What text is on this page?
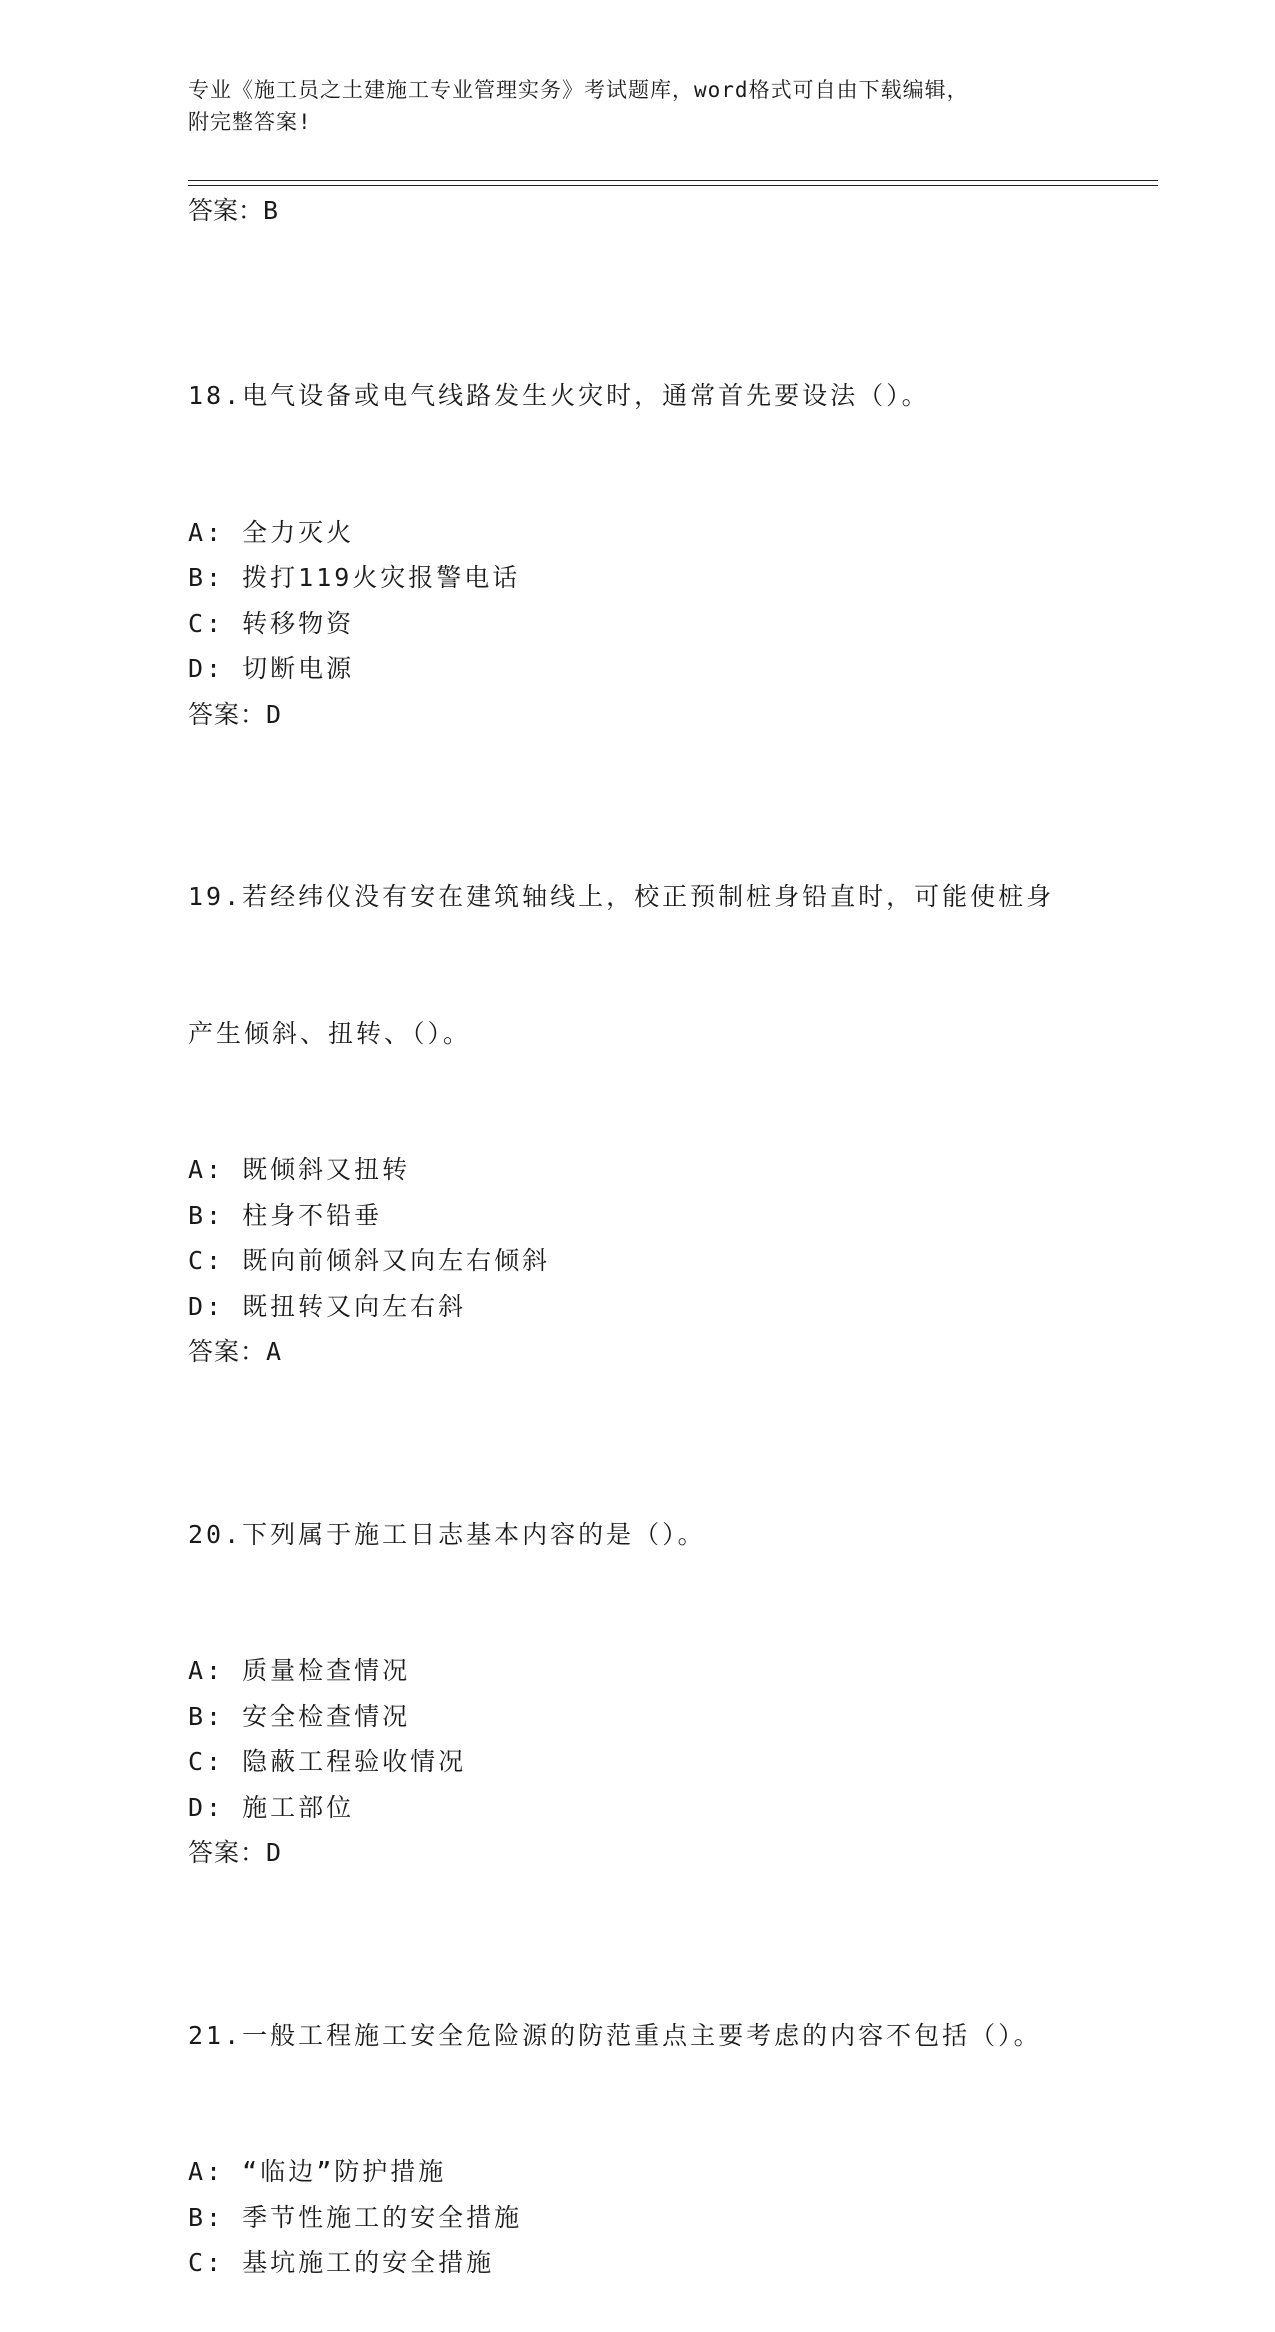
专业《施工员之土建施工专业管理实务》考试题库，word格式可自由下载编辑，
附完整答案!
答案：B

18.电气设备或电气线路发生火灾时，通常首先要设法（）。

A: 全力灭火
B: 拨打119火灾报警电话
C: 转移物资
D: 切断电源
答案：D

19.若经纬仪没有安在建筑轴线上，校正预制桩身铅直时，可能使桩身

产生倾斜、扭转、（）。

A: 既倾斜又扭转
B: 柱身不铅垂
C: 既向前倾斜又向左右倾斜
D: 既扭转又向左右斜
答案：A

20.下列属于施工日志基本内容的是（）。

A: 质量检查情况
B: 安全检查情况
C: 隐蔽工程验收情况
D: 施工部位
答案：D

21.一般工程施工安全危险源的防范重点主要考虑的内容不包括（）。

A: “临边”防护措施
B: 季节性施工的安全措施
C: 基坑施工的安全措施
